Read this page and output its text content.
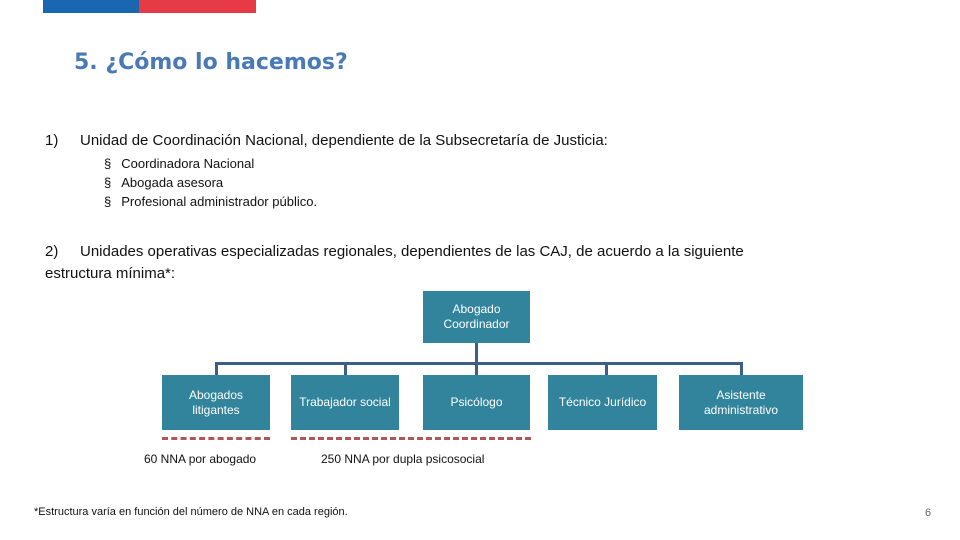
5. ¿Cómo lo hacemos?
1) Unidad de Coordinación Nacional, dependiente de la Subsecretaría de Justicia:
§ Coordinadora Nacional
§ Abogada asesora
§ Profesional administrador público.
2) Unidades operativas especializadas regionales, dependientes de las CAJ, de acuerdo a la siguiente
estructura mínima*:
Abogado Coordinador
Abogados litigantes
Trabajador social	Psicólogo	Técnico Jurídico
Asistente administrativo
60 NNA por abogado	250 NNA por dupla psicosocial
*Estructura varía en función del número de NNA en cada región.	6
